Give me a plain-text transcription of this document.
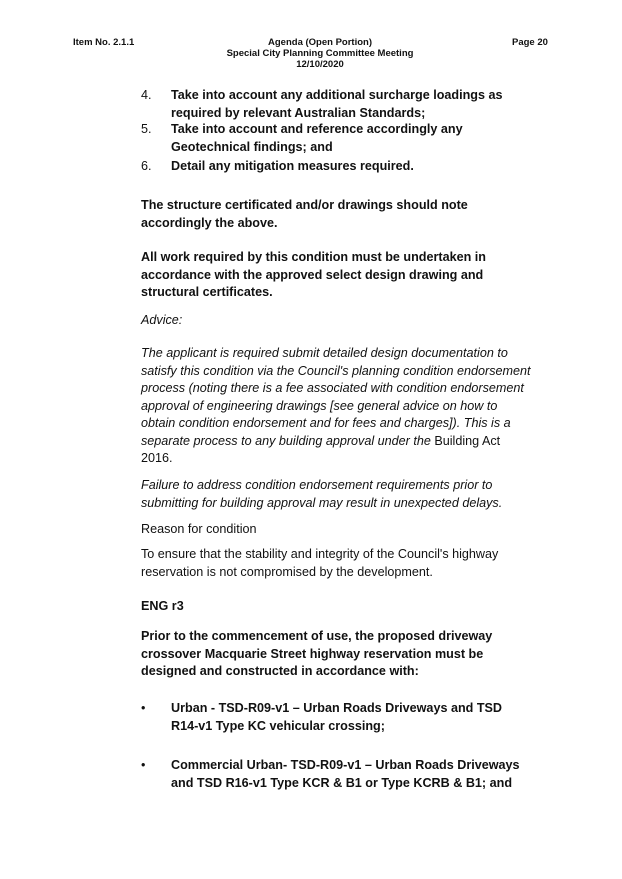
Item No. 2.1.1	Agenda (Open Portion)
Special City Planning Committee Meeting
12/10/2020
Page 20
4. Take into account any additional surcharge loadings as required by relevant Australian Standards;
5. Take into account and reference accordingly any Geotechnical findings; and
6. Detail any mitigation measures required.
The structure certificated and/or drawings should note accordingly the above.
All work required by this condition must be undertaken in accordance with the approved select design drawing and structural certificates.
Advice:
The applicant is required submit detailed design documentation to satisfy this condition via the Council's planning condition endorsement process (noting there is a fee associated with condition endorsement approval of engineering drawings [see general advice on how to obtain condition endorsement and for fees and charges]). This is a separate process to any building approval under the Building Act 2016.
Failure to address condition endorsement requirements prior to submitting for building approval may result in unexpected delays.
Reason for condition
To ensure that the stability and integrity of the Council's highway reservation is not compromised by the development.
ENG r3
Prior to the commencement of use, the proposed driveway crossover Macquarie Street highway reservation must be designed and constructed in accordance with:
• Urban - TSD-R09-v1 – Urban Roads Driveways and TSD R14-v1 Type KC vehicular crossing;
• Commercial Urban- TSD-R09-v1 – Urban Roads Driveways and TSD R16-v1 Type KCR & B1 or Type KCRB & B1; and
